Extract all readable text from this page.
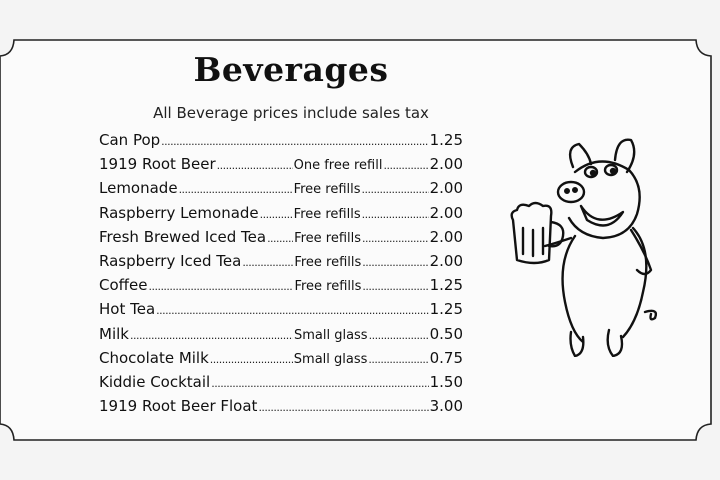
Beverages
All Beverage prices include sales tax
Can Pop .....	1.25
1919 Root Beer .....	One free refill .....	2.00
Lemonade .....	Free refills .....	2.00
Raspberry Lemonade .....	Free refills .....	2.00
Fresh Brewed Iced Tea ..... Free refills .....	2.00
Raspberry Iced Tea .....	Free refills .....	2.00
Coffee .....	Free refills .....	1.25
Hot Tea .....	1.25
Milk .....	Small glass .....	0.50
Chocolate Milk .....	Small glass .....	0.75
Kiddie Cocktail .....	1.50
1919 Root Beer Float .....	3.00
